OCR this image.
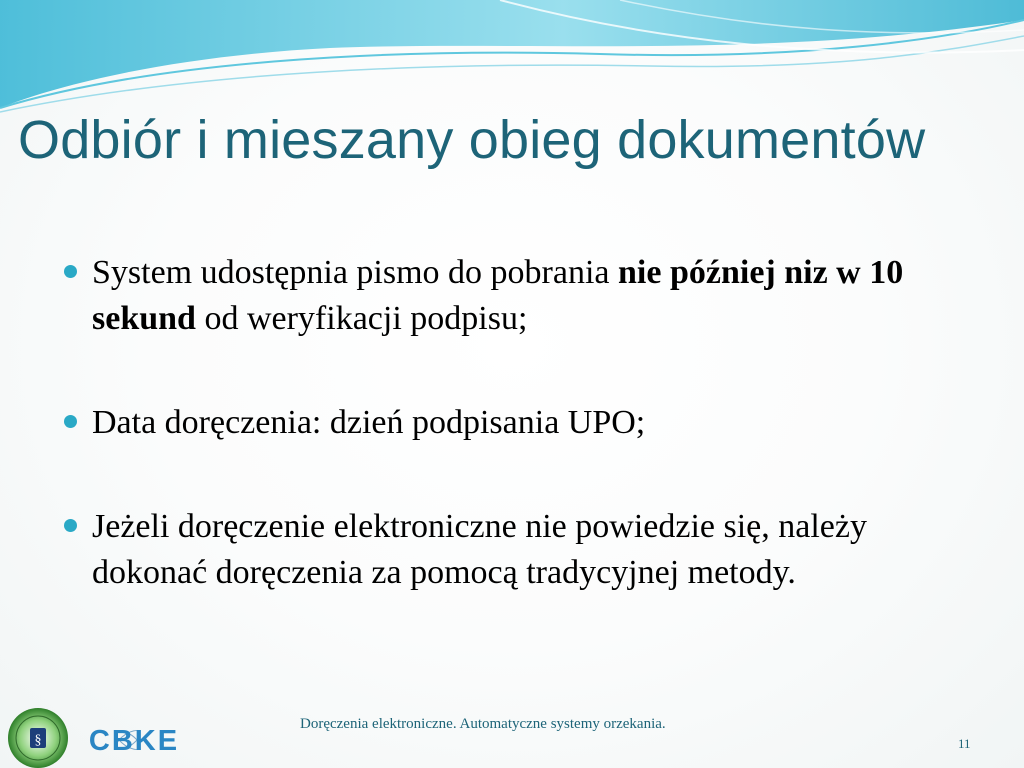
Odbiór i mieszany obieg dokumentów
System udostępnia pismo do pobrania nie później niz w 10 sekund od weryfikacji podpisu;
Data doręczenia: dzień podpisania UPO;
Jeżeli doręczenie elektroniczne nie powiedzie się, należy dokonać doręczenia za pomocą tradycyjnej metody.
§ CBKE
Doręczenia elektroniczne. Automatyczne systemy orzekania.
11
